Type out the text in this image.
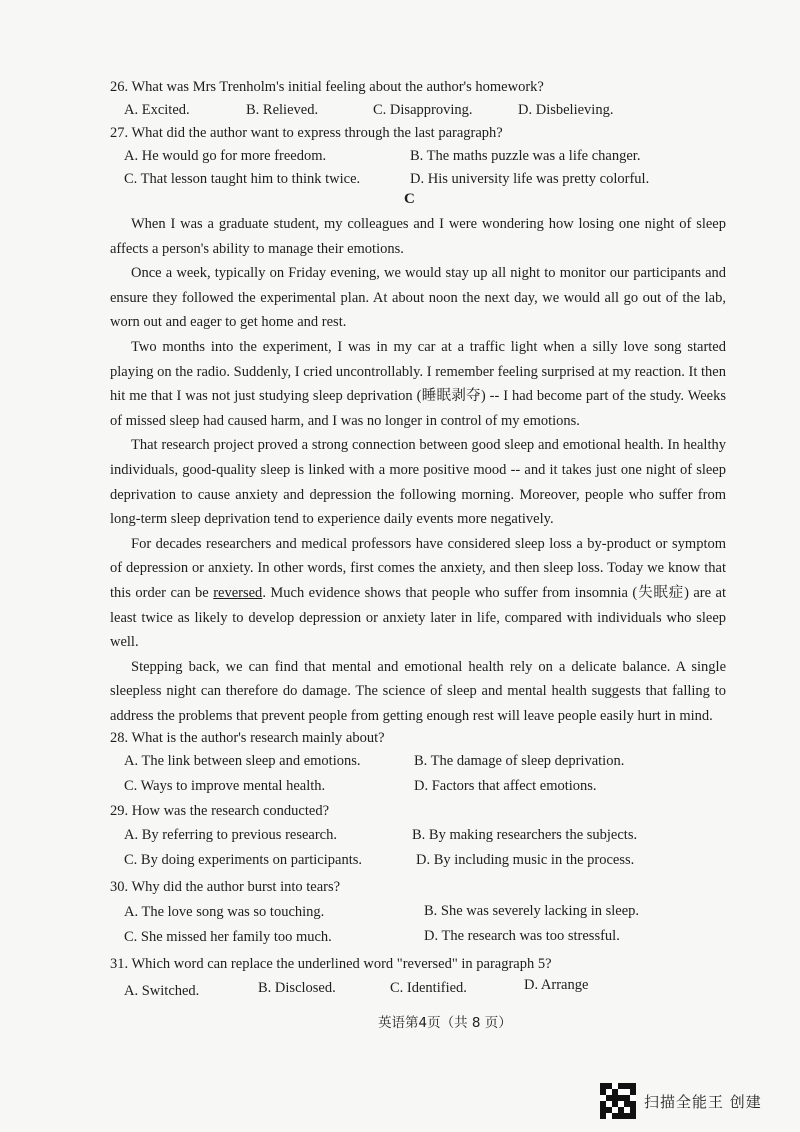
26. What was Mrs Trenholm's initial feeling about the author's homework?
A. Excited.	B. Relieved.	C. Disapproving.	D. Disbelieving.
27. What did the author want to express through the last paragraph?
A. He would go for more freedom.	B. The maths puzzle was a life changer.
C. That lesson taught him to think twice.	D. His university life was pretty colorful.
C

When I was a graduate student, my colleagues and I were wondering how losing one night of sleep affects a person's ability to manage their emotions.

Once a week, typically on Friday evening, we would stay up all night to monitor our participants and ensure they followed the experimental plan. At about noon the next day, we would all go out of the lab, worn out and eager to get home and rest.

Two months into the experiment, I was in my car at a traffic light when a silly love song started playing on the radio. Suddenly, I cried uncontrollably. I remember feeling surprised at my reaction. It then hit me that I was not just studying sleep deprivation (睡眠剥夺) -- I had become part of the study. Weeks of missed sleep had caused harm, and I was no longer in control of my emotions.

That research project proved a strong connection between good sleep and emotional health. In healthy individuals, good-quality sleep is linked with a more positive mood -- and it takes just one night of sleep deprivation to cause anxiety and depression the following morning. Moreover, people who suffer from long-term sleep deprivation tend to experience daily events more negatively.

For decades researchers and medical professors have considered sleep loss a by-product or symptom of depression or anxiety. In other words, first comes the anxiety, and then sleep loss. Today we know that this order can be reversed. Much evidence shows that people who suffer from insomnia (失眠症) are at least twice as likely to develop depression or anxiety later in life, compared with individuals who sleep well.

Stepping back, we can find that mental and emotional health rely on a delicate balance. A single sleepless night can therefore do damage. The science of sleep and mental health suggests that falling to address the problems that prevent people from getting enough rest will leave people easily hurt in mind.

28. What is the author's research mainly about?
A. The link between sleep and emotions.	B. The damage of sleep deprivation.
C. Ways to improve mental health.	D. Factors that affect emotions.
29. How was the research conducted?
A. By referring to previous research.	B. By making researchers the subjects.
C. By doing experiments on participants.	D. By including music in the process.
30. Why did the author burst into tears?
A. The love song was so touching.	B. She was severely lacking in sleep.
C. She missed her family too much.	D. The research was too stressful.
31. Which word can replace the underlined word "reversed" in paragraph 5?
A. Switched.	B. Disclosed.	C. Identified.	D. Arrange
英语第4页（共 8 页）
扫描全能王 创建
